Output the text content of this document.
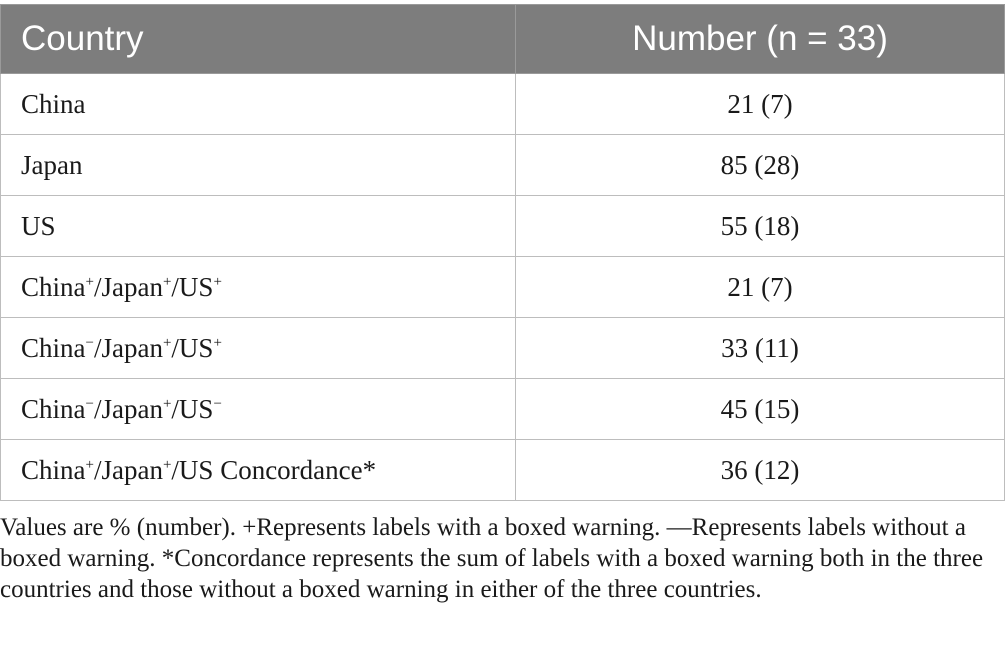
Country	Number (n = 33)
China	21 (7)
Japan	85 (28)
US	55 (18)
China+/Japan+/US+	21 (7)
China−/Japan+/US+	33 (11)
China−/Japan+/US−	45 (15)
China+/Japan+/US Concordance*	36 (12)

Values are % (number). +Represents labels with a boxed warning. —Represents labels without a boxed warning. *Concordance represents the sum of labels with a boxed warning both in the three countries and those without a boxed warning in either of the three countries.
